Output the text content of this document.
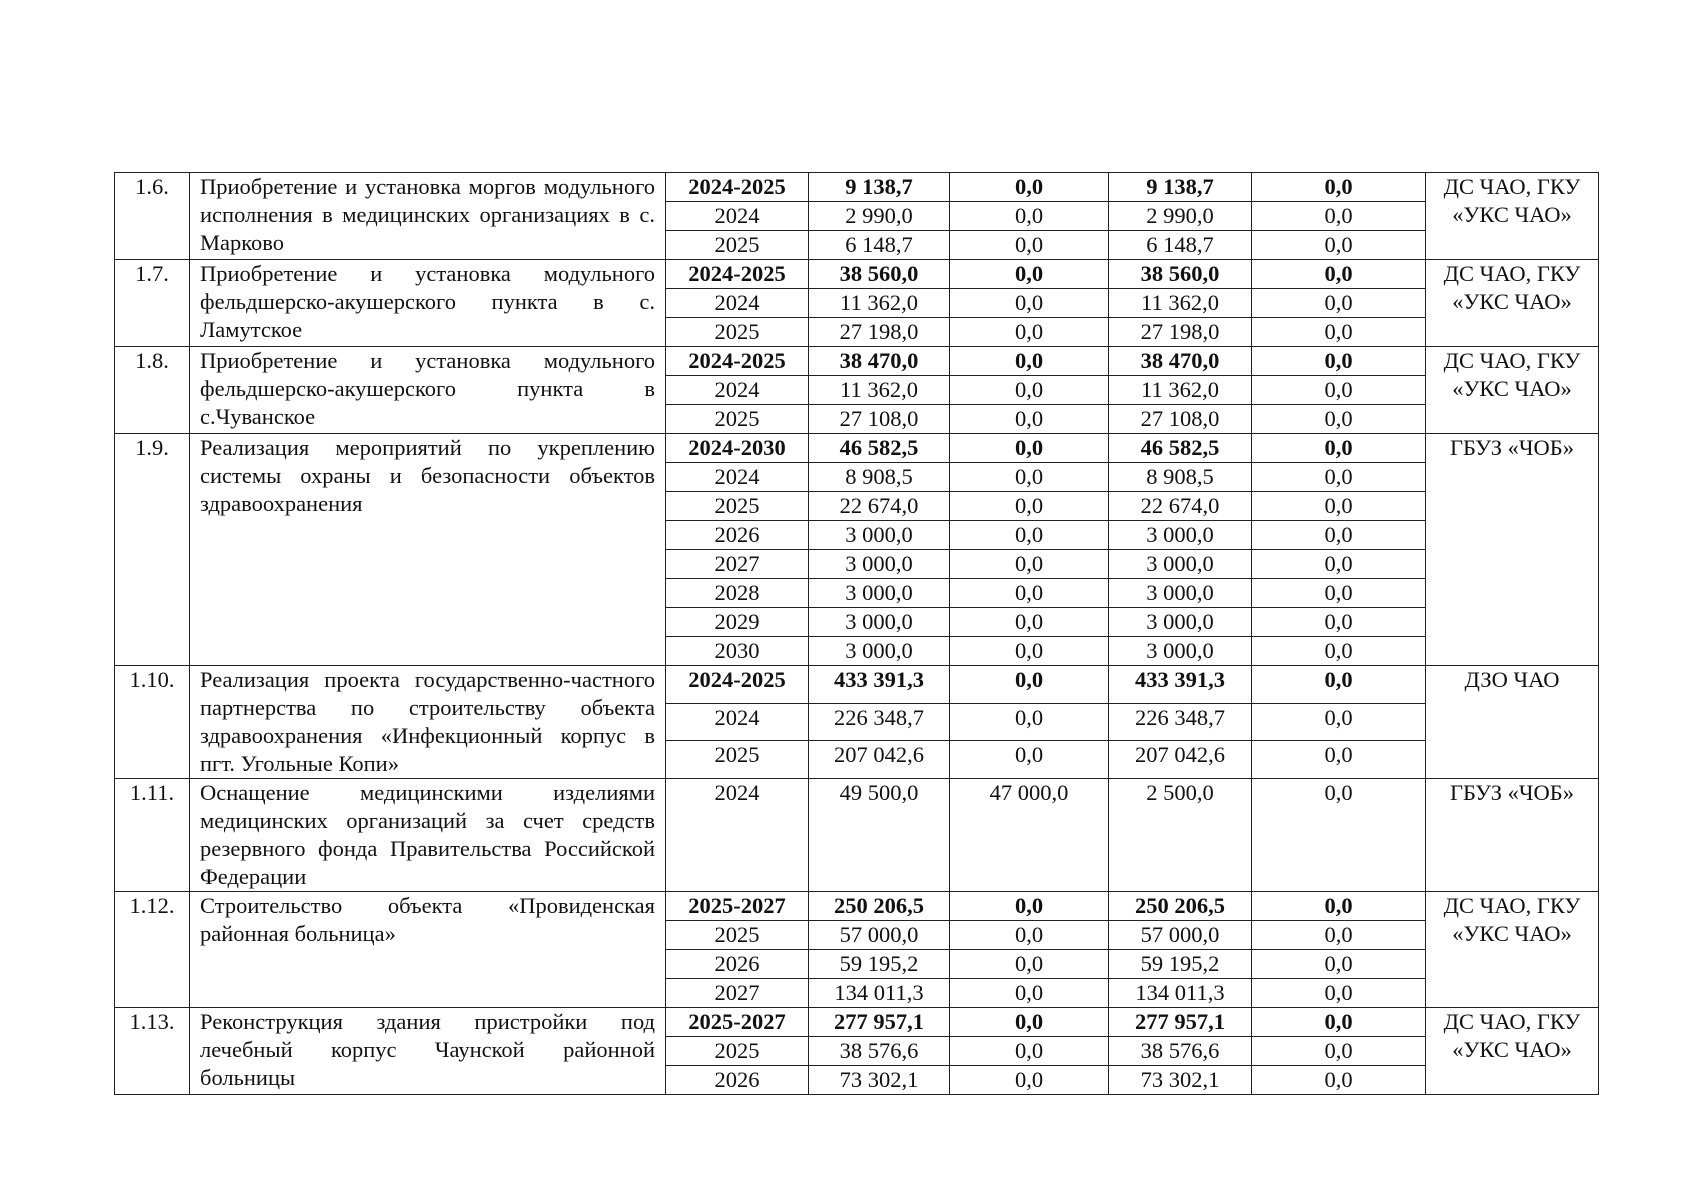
1.6.	Приобретение и установка моргов модульного исполнения в медицинских организациях в с. Марково	2024-2025	9 138,7	0,0	9 138,7	0,0	ДС ЧАО, ГКУ «УКС ЧАО»
		2024	2 990,0	0,0	2 990,0	0,0	
		2025	6 148,7	0,0	6 148,7	0,0	
1.7.	Приобретение и установка модульного фельдшерско-акушерского пункта в с. Ламутское	2024-2025	38 560,0	0,0	38 560,0	0,0	ДС ЧАО, ГКУ «УКС ЧАО»
		2024	11 362,0	0,0	11 362,0	0,0	
		2025	27 198,0	0,0	27 198,0	0,0	
1.8.	Приобретение и установка модульного фельдшерско-акушерского пункта в с.Чуванское	2024-2025	38 470,0	0,0	38 470,0	0,0	ДС ЧАО, ГКУ «УКС ЧАО»
		2024	11 362,0	0,0	11 362,0	0,0	
		2025	27 108,0	0,0	27 108,0	0,0	
1.9.	Реализация мероприятий по укреплению системы охраны и безопасности объектов здравоохранения	2024-2030	46 582,5	0,0	46 582,5	0,0	ГБУЗ «ЧОБ»
		2024	8 908,5	0,0	8 908,5	0,0	
		2025	22 674,0	0,0	22 674,0	0,0	
		2026	3 000,0	0,0	3 000,0	0,0	
		2027	3 000,0	0,0	3 000,0	0,0	
		2028	3 000,0	0,0	3 000,0	0,0	
		2029	3 000,0	0,0	3 000,0	0,0	
		2030	3 000,0	0,0	3 000,0	0,0	
1.10.	Реализация проекта государственно-частного партнерства по строительству объекта здравоохранения «Инфекционный корпус в пгт. Угольные Копи»	2024-2025	433 391,3	0,0	433 391,3	0,0	ДЗО ЧАО
		2024	226 348,7	0,0	226 348,7	0,0	
		2025	207 042,6	0,0	207 042,6	0,0	
1.11.	Оснащение медицинскими изделиями медицинских организаций за счет средств резервного фонда Правительства Российской Федерации	2024	49 500,0	47 000,0	2 500,0	0,0	ГБУЗ «ЧОБ»
1.12.	Строительство объекта «Провиденская районная больница»	2025-2027	250 206,5	0,0	250 206,5	0,0	ДС ЧАО, ГКУ «УКС ЧАО»
		2025	57 000,0	0,0	57 000,0	0,0	
		2026	59 195,2	0,0	59 195,2	0,0	
		2027	134 011,3	0,0	134 011,3	0,0	
1.13.	Реконструкция здания пристройки под лечебный корпус Чаунской районной больницы	2025-2027	277 957,1	0,0	277 957,1	0,0	ДС ЧАО, ГКУ «УКС ЧАО»
		2025	38 576,6	0,0	38 576,6	0,0	
		2026	73 302,1	0,0	73 302,1	0,0	
